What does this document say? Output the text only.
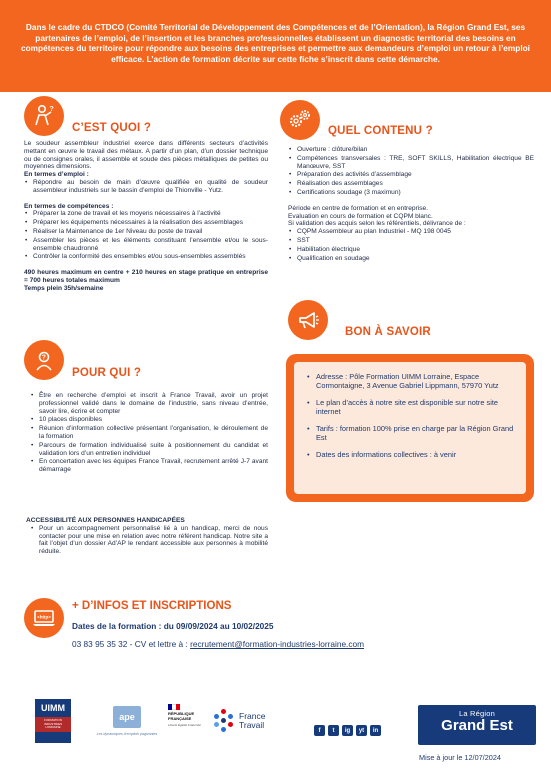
Dans le cadre du CTDCO (Comité Territorial de Développement des Compétences et de l’Orientation), la Région Grand Est, ses partenaires de l’emploi, de l’insertion et les branches professionnelles établissent un diagnostic territorial des besoins en compétences du territoire pour répondre aux besoins des entreprises et permettre aux demandeurs d’emploi un retour à l’emploi efficace. L’action de formation décrite sur cette fiche s’inscrit dans cette démarche.

?
C’EST QUOI ?

Le soudeur assembleur industriel exerce dans différents secteurs d’activités mettant en œuvre le travail des métaux. A partir d’un plan, d’un dossier technique ou de consignes orales, il assemble et soude des pièces métalliques de petites ou moyennes dimensions.

En termes d’emploi :

• Répondre au besoin de main d’œuvre qualifiée en qualité de soudeur assembleur industriels sur le bassin d’emploi de Thionville - Yutz.

En termes de compétences :

• Préparer la zone de travail et les moyens nécessaires à l’activité
• Préparer les équipements nécessaires à la réalisation des assemblages
• Réaliser la Maintenance de 1er Niveau du poste de travail
• Assembler les pièces et les éléments constituant l’ensemble et/ou le sous- ensemble chaudronné
• Contrôler la conformité des ensembles et/ou sous-ensembles assemblés

490 heures maximum en centre + 210 heures en stage pratique en entreprise = 700 heures totales maximum

Temps plein 35h/semaine

QUEL CONTENU ?
• Ouverture : clôture/bilan
• Compétences transversales : TRE, SOFT SKILLS, Habilitation électrique BE Manœuvre, SST
• Préparation des activités d’assemblage
• Réalisation des assemblages
• Certifications soudage (3 maximun)

Période en centre de formation et en entreprise.

Evaluation en cours de formation et CQPM blanc.

Si validation des acquis selon les référentiels, délivrance de :

• CQPM Assembleur au plan Industriel - MQ 198 0045
• SST
• Habilitation électrique
• Qualification en soudage
BON À SAVOIR
• Adresse : Pôle Formation UIMM Lorraine, Espace Cormontaigne, 3 Avenue Gabriel Lippmann, 57970 Yutz
• Le plan d’accès à notre site est disponible sur notre site internet
• Tarifs : formation 100% prise en charge par la Région Grand Est
• Dates des informations collectives : à venir
?
POUR QUI ?
• Être en recherche d’emploi et inscrit à France Travail, avoir un projet professionnel validé dans le domaine de l’industrie, sans niveau d’entrée, savoir lire, écrire et compter
• 10 places disponibles
• Réunion d’information collective présentant l’organisation, le déroulement de la formation
• Parcours de formation individualisé suite à positionnement du candidat et validation lors d’un entretien individuel
• En concertation avec les équipes France Travail, recrutement arrêté J-7 avant démarrage

ACCESSIBILITÉ AUX PERSONNES HANDICAPÉES

• Pour un accompagnement personnalisé lié à un handicap, merci de nous contacter pour une mise en relation avec notre référent handicap. Notre site a fait l’objet d’un dossier Ad’AP le rendant accessible aux personnes à mobilité réduite.
<http>
+ D’INFOS ET INSCRIPTIONS
Dates de la formation : du 09/09/2024 au 10/02/2025
03 83 95 35 32 - CV et lettre à : recrutement@formation-industries-lorraine.com
UIMM
FORMATION INDUSTRIES LORRAINE
ape
Les dynamiques d’emplois pagivantes
RÉPUBLIQUE
FRANÇAISE
Liberté Égalité Fraternité
France
Travail
f	t	ig	yt	in
La Région
Grand Est
Mise à jour le 12/07/2024
